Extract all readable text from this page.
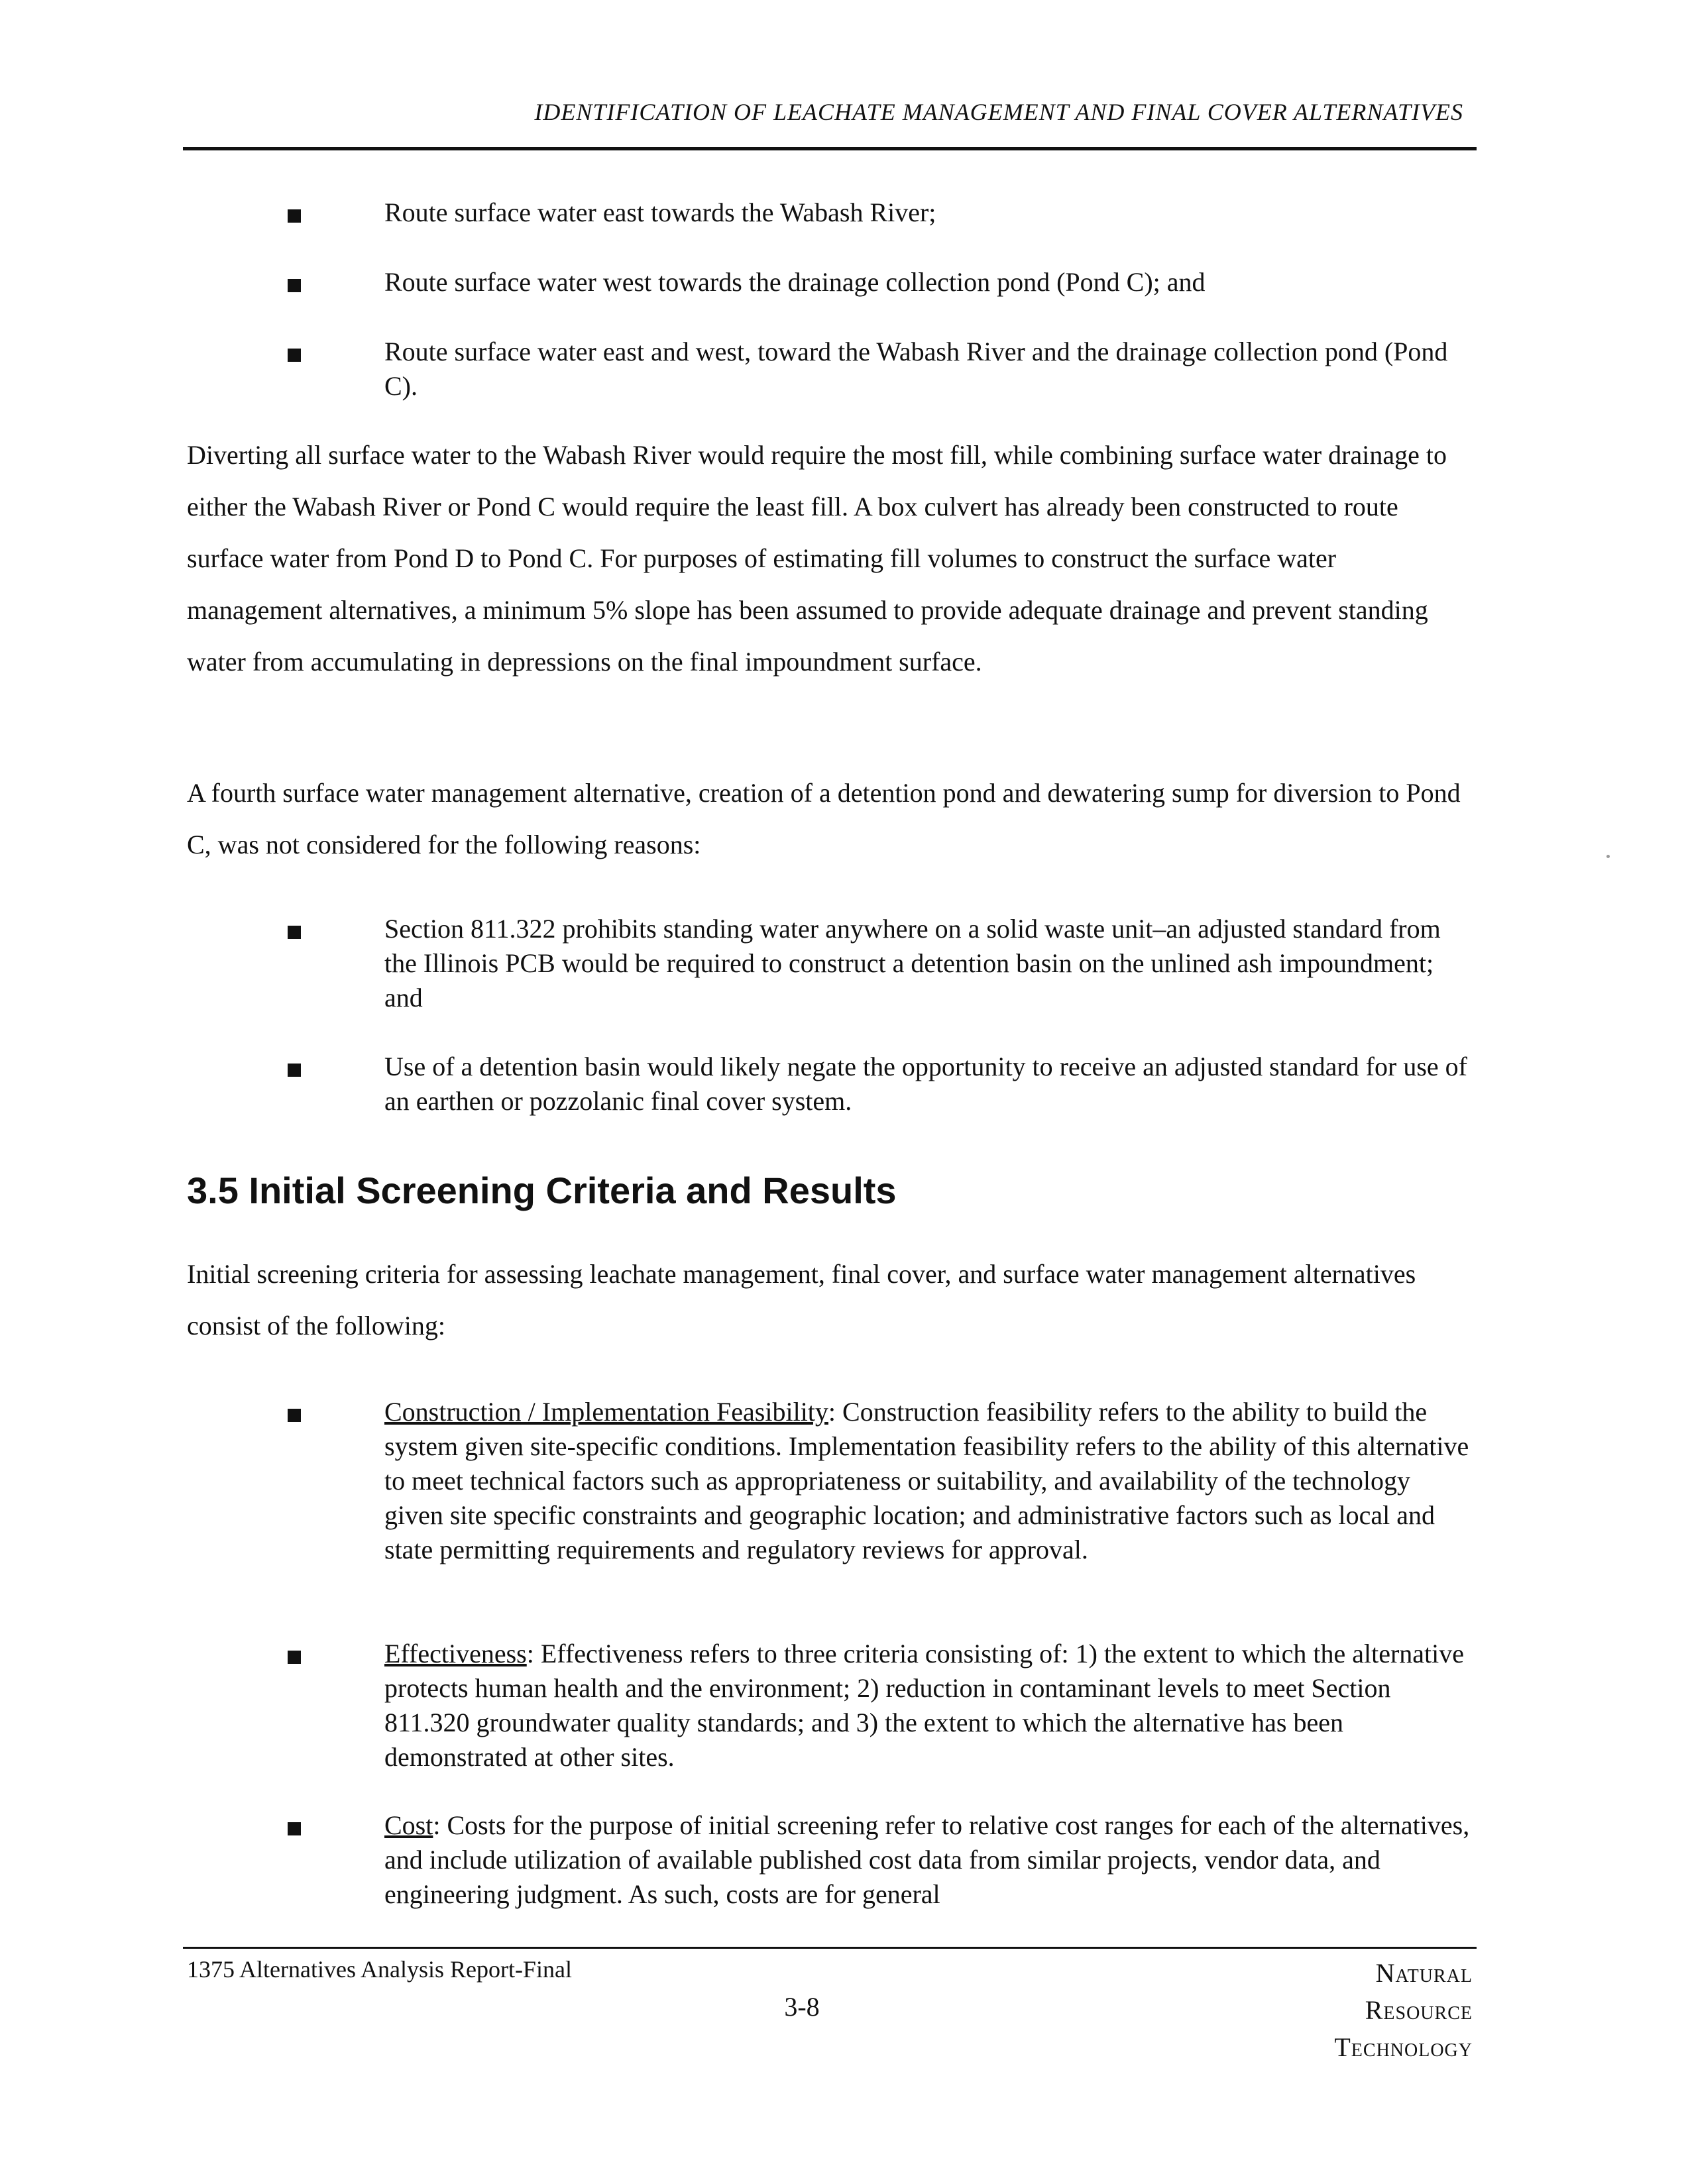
IDENTIFICATION OF LEACHATE MANAGEMENT AND FINAL COVER ALTERNATIVES
Route surface water east towards the Wabash River;
Route surface water west towards the drainage collection pond (Pond C); and
Route surface water east and west, toward the Wabash River and the drainage collection pond (Pond C).
Diverting all surface water to the Wabash River would require the most fill, while combining surface water drainage to either the Wabash River or Pond C would require the least fill. A box culvert has already been constructed to route surface water from Pond D to Pond C. For purposes of estimating fill volumes to construct the surface water management alternatives, a minimum 5% slope has been assumed to provide adequate drainage and prevent standing water from accumulating in depressions on the final impoundment surface.
A fourth surface water management alternative, creation of a detention pond and dewatering sump for diversion to Pond C, was not considered for the following reasons:
Section 811.322 prohibits standing water anywhere on a solid waste unit–an adjusted standard from the Illinois PCB would be required to construct a detention basin on the unlined ash impoundment; and
Use of a detention basin would likely negate the opportunity to receive an adjusted standard for use of an earthen or pozzolanic final cover system.
3.5 Initial Screening Criteria and Results
Initial screening criteria for assessing leachate management, final cover, and surface water management alternatives consist of the following:
Construction / Implementation Feasibility: Construction feasibility refers to the ability to build the system given site-specific conditions. Implementation feasibility refers to the ability of this alternative to meet technical factors such as appropriateness or suitability, and availability of the technology given site specific constraints and geographic location; and administrative factors such as local and state permitting requirements and regulatory reviews for approval.
Effectiveness: Effectiveness refers to three criteria consisting of: 1) the extent to which the alternative protects human health and the environment; 2) reduction in contaminant levels to meet Section 811.320 groundwater quality standards; and 3) the extent to which the alternative has been demonstrated at other sites.
Cost: Costs for the purpose of initial screening refer to relative cost ranges for each of the alternatives, and include utilization of available published cost data from similar projects, vendor data, and engineering judgment. As such, costs are for general
1375 Alternatives Analysis Report-Final
3-8
Natural
Resource
Technology
